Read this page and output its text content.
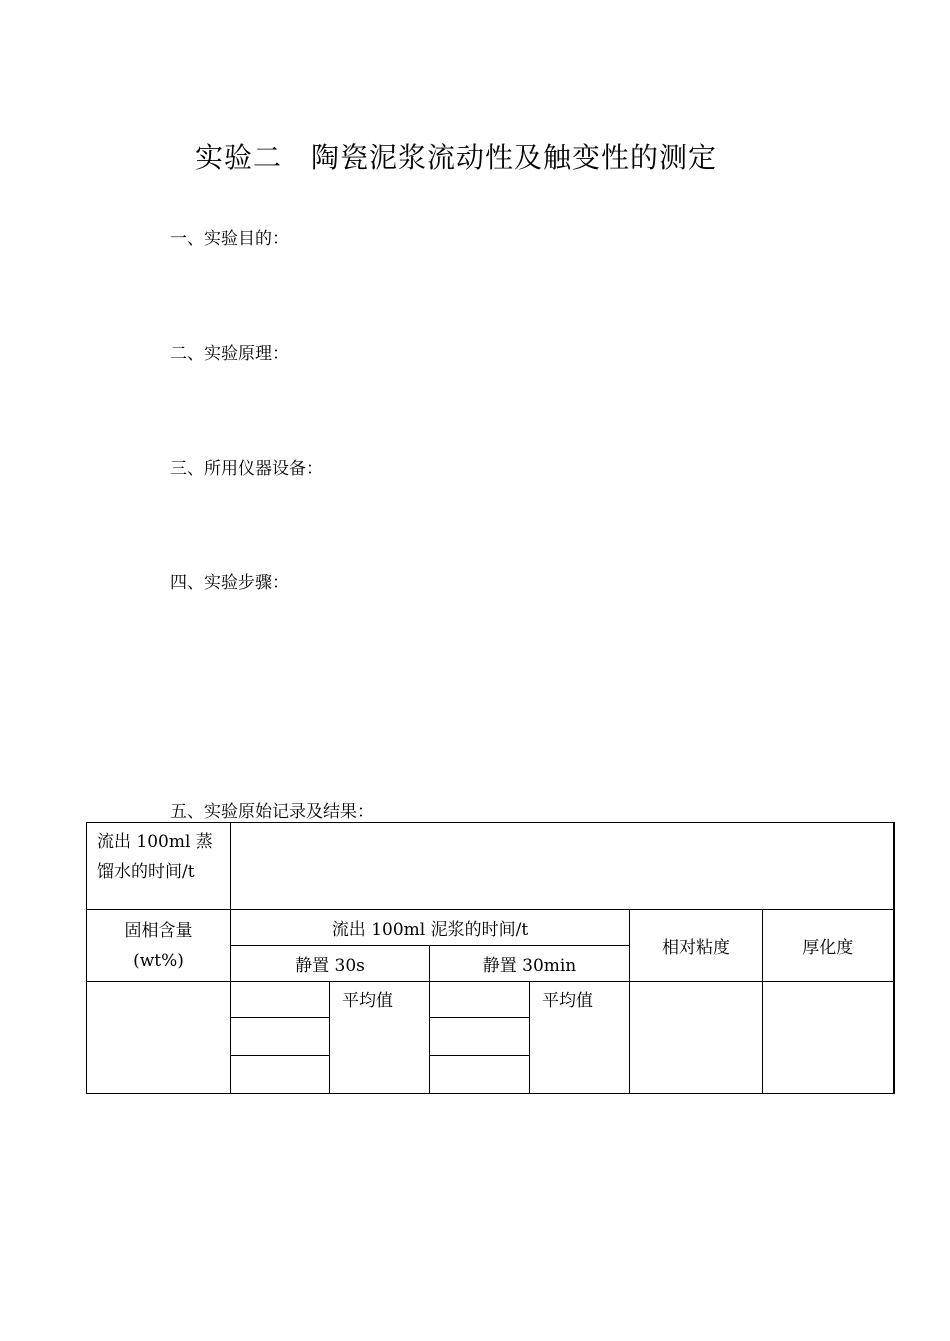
实验二　陶瓷泥浆流动性及触变性的测定
一、实验目的：
二、实验原理：
三、所用仪器设备：
四、实验步骤：
五、实验原始记录及结果：
流出 100ml 蒸馏水的时间/t						

固相含量
(wt%)	流出 100ml 泥浆的时间/t				相对粘度	厚化度
	静置 30s		静置 30min			
		平均值		平均值		
